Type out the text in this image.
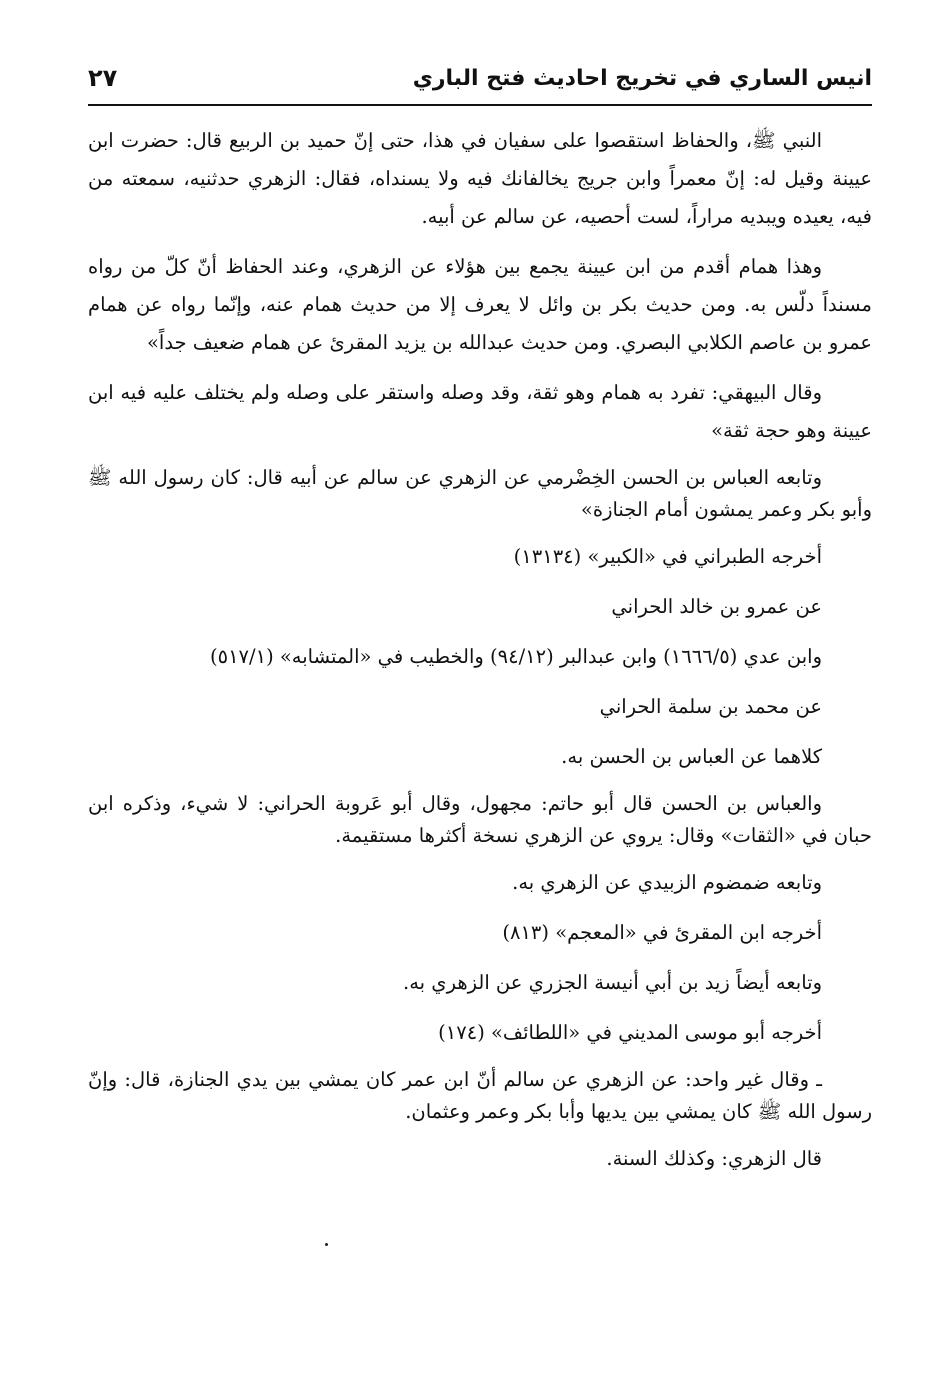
انيس الساري في تخريج احاديث فتح الباري
٢٧

النبي ﷺ، والحفاظ استقصوا على سفيان في هذا، حتى إنّ حميد بن الربيع قال: حضرت ابن عيينة وقيل له: إنّ معمراً وابن جريج يخالفانك فيه ولا يسنداه، فقال: الزهري حدثنيه، سمعته من فيه، يعيده ويبديه مراراً، لست أحصيه، عن سالم عن أبيه.

وهذا همام أقدم من ابن عيينة يجمع بين هؤلاء عن الزهري، وعند الحفاظ أنّ كلّ من رواه مسنداً دلّس به. ومن حديث بكر بن وائل لا يعرف إلا من حديث همام عنه، وإنّما رواه عن همام عمرو بن عاصم الكلابي البصري. ومن حديث عبدالله بن يزيد المقرئ عن همام ضعيف جداً»

وقال البيهقي: تفرد به همام وهو ثقة، وقد وصله واستقر على وصله ولم يختلف عليه فيه ابن عيينة وهو حجة ثقة»

وتابعه العباس بن الحسن الخِضْرمي عن الزهري عن سالم عن أبيه قال: كان رسول الله ﷺ وأبو بكر وعمر يمشون أمام الجنازة»

أخرجه الطبراني في «الكبير» (١٣١٣٤)

عن عمرو بن خالد الحراني

وابن عدي (١٦٦٦/٥) وابن عبدالبر (٩٤/١٢) والخطيب في «المتشابه» (٥١٧/١)

عن محمد بن سلمة الحراني

كلاهما عن العباس بن الحسن به.

والعباس بن الحسن قال أبو حاتم: مجهول، وقال أبو عَروبة الحراني: لا شيء، وذكره ابن حبان في «الثقات» وقال: يروي عن الزهري نسخة أكثرها مستقيمة.

وتابعه ضمضوم الزبيدي عن الزهري به.

أخرجه ابن المقرئ في «المعجم» (٨١٣)

وتابعه أيضاً زيد بن أبي أنيسة الجزري عن الزهري به.

أخرجه أبو موسى المديني في «اللطائف» (١٧٤)

ـ وقال غير واحد: عن الزهري عن سالم أنّ ابن عمر كان يمشي بين يدي الجنازة، قال: وإنّ رسول الله ﷺ كان يمشي بين يديها وأبا بكر وعمر وعثمان.

قال الزهري: وكذلك السنة.
